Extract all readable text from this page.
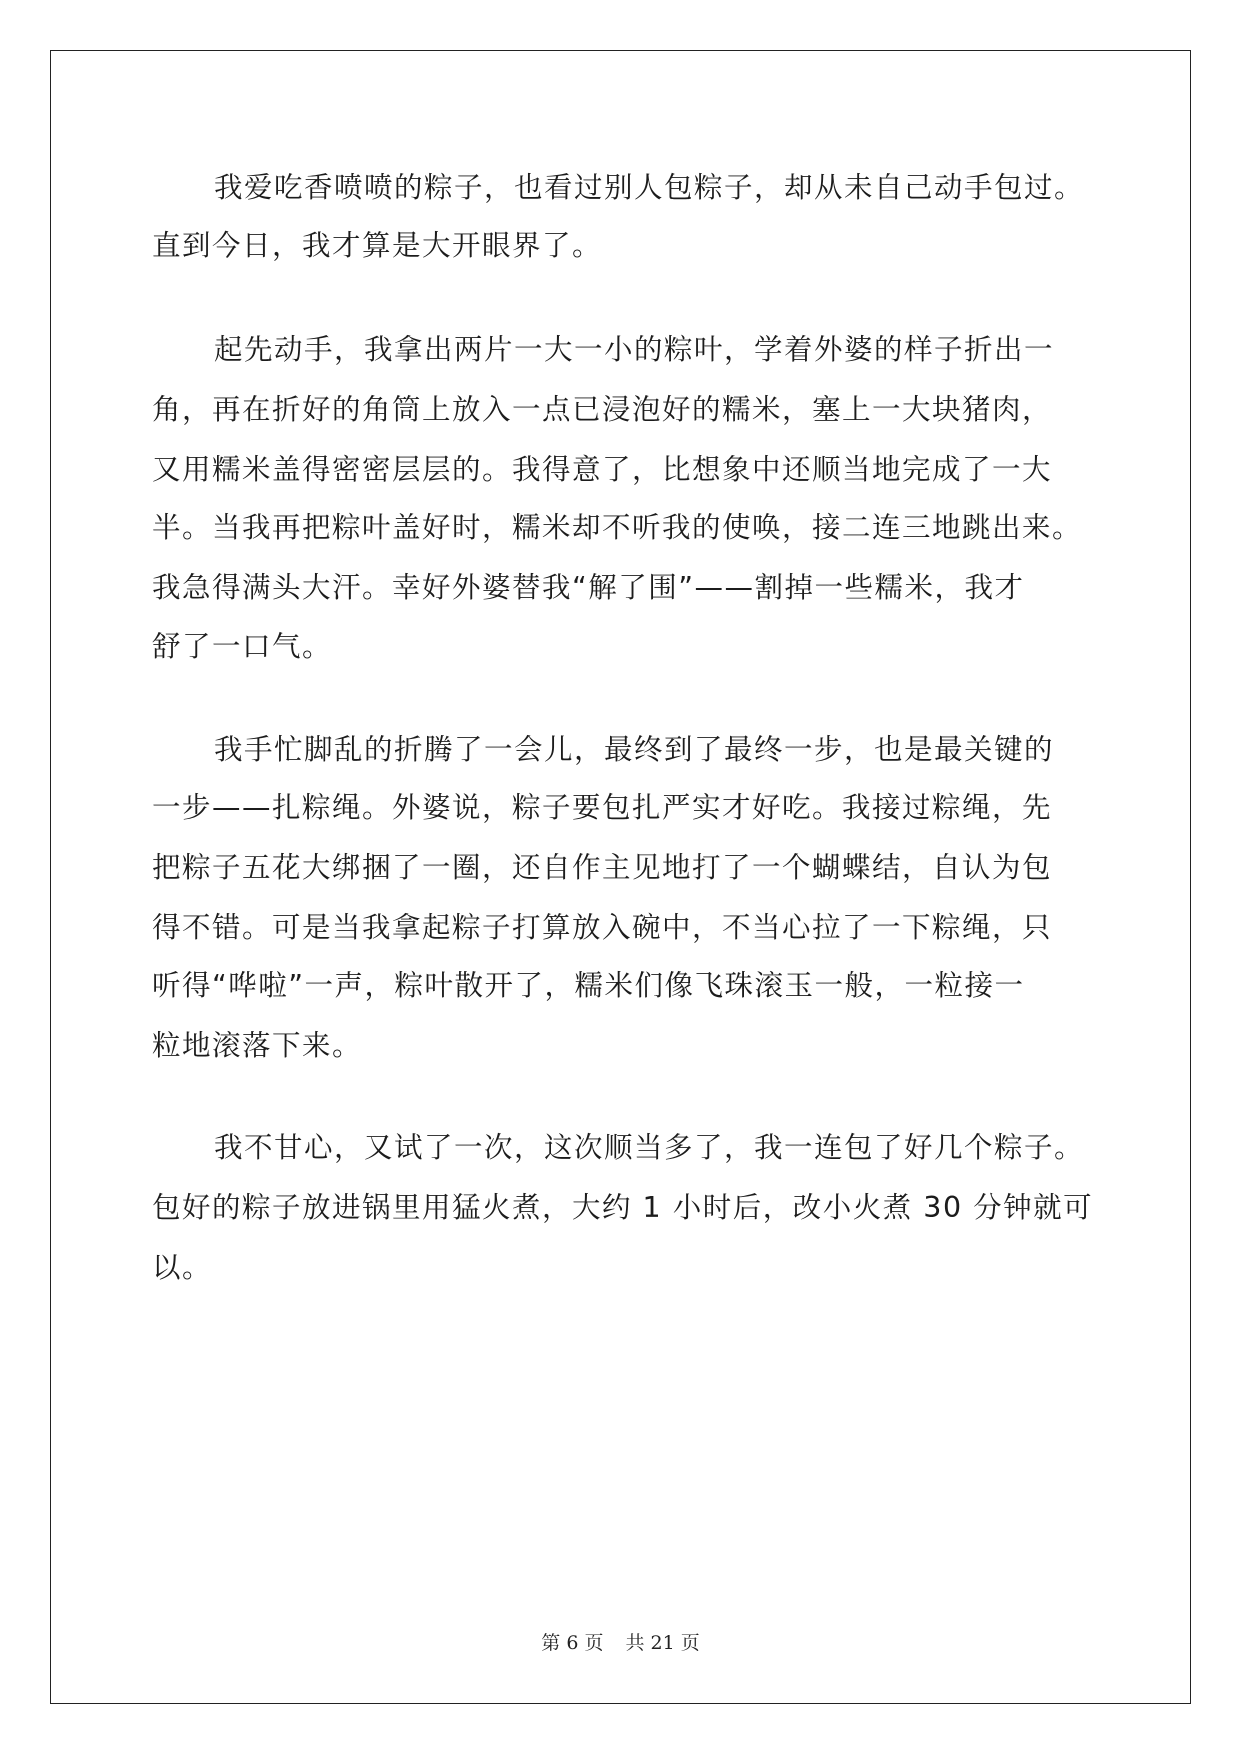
我爱吃香喷喷的粽子，也看过别人包粽子，却从未自己动手包过。
直到今日，我才算是大开眼界了。
起先动手，我拿出两片一大一小的粽叶，学着外婆的样子折出一
角，再在折好的角筒上放入一点已浸泡好的糯米，塞上一大块猪肉，
又用糯米盖得密密层层的。我得意了，比想象中还顺当地完成了一大
半。当我再把粽叶盖好时，糯米却不听我的使唤，接二连三地跳出来。
我急得满头大汗。幸好外婆替我“解了围”——割掉一些糯米，我才
舒了一口气。
我手忙脚乱的折腾了一会儿，最终到了最终一步，也是最关键的
一步——扎粽绳。外婆说，粽子要包扎严实才好吃。我接过粽绳，先
把粽子五花大绑捆了一圈，还自作主见地打了一个蝴蝶结，自认为包
得不错。可是当我拿起粽子打算放入碗中，不当心拉了一下粽绳，只
听得“哗啦”一声，粽叶散开了，糯米们像飞珠滚玉一般，一粒接一
粒地滚落下来。
我不甘心，又试了一次，这次顺当多了，我一连包了好几个粽子。
包好的粽子放进锅里用猛火煮，大约 1 小时后，改小火煮 30 分钟就可
以。
第 6 页 共 21 页
